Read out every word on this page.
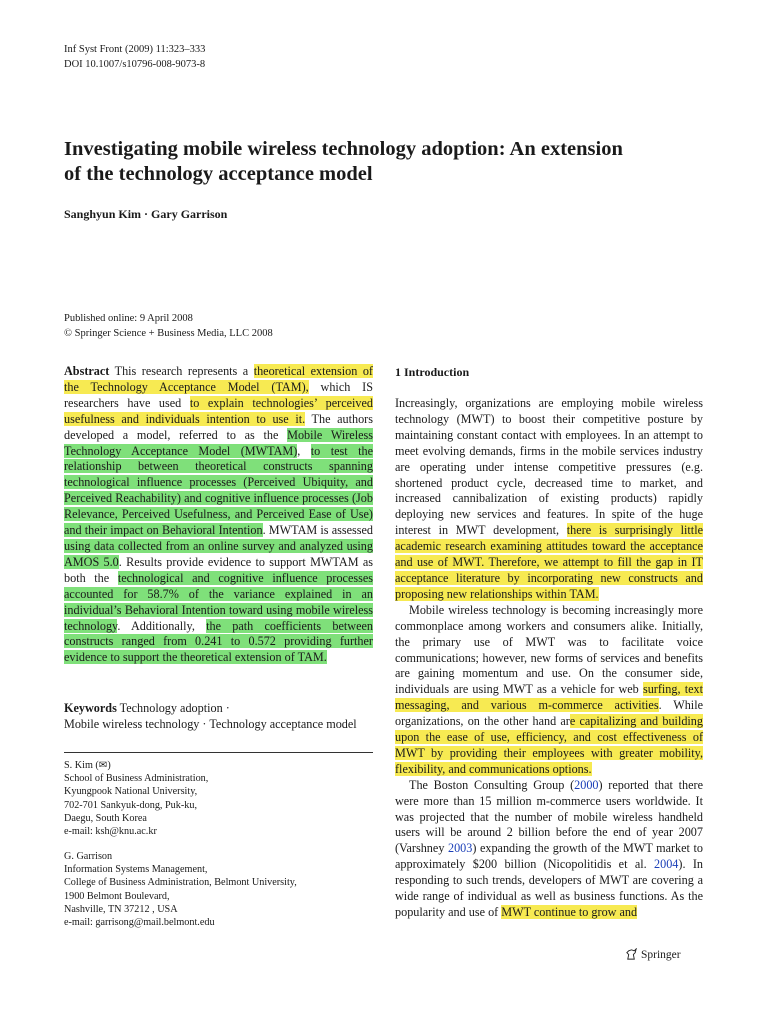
Inf Syst Front (2009) 11:323–333
DOI 10.1007/s10796-008-9073-8
Investigating mobile wireless technology adoption: An extension
of the technology acceptance model
Sanghyun Kim · Gary Garrison
Published online: 9 April 2008
© Springer Science + Business Media, LLC 2008
Abstract This research represents a theoretical extension of the Technology Acceptance Model (TAM), which IS researchers have used to explain technologies’ perceived usefulness and individuals intention to use it. The authors developed a model, referred to as the Mobile Wireless Technology Acceptance Model (MWTAM), to test the relationship between theoretical constructs spanning technological influence processes (Perceived Ubiquity, and Perceived Reachability) and cognitive influence processes (Job Relevance, Perceived Usefulness, and Perceived Ease of Use) and their impact on Behavioral Intention. MWTAM is assessed using data collected from an online survey and analyzed using AMOS 5.0. Results provide evidence to support MWTAM as both the technological and cognitive influence processes accounted for 58.7% of the variance explained in an individual’s Behavioral Intention toward using mobile wireless technology. Additionally, the path coefficients between constructs ranged from 0.241 to 0.572 providing further evidence to support the theoretical extension of TAM.
Keywords Technology adoption ·
Mobile wireless technology · Technology acceptance model
S. Kim (✉)
School of Business Administration,
Kyungpook National University,
702-701 Sankyuk-dong, Puk-ku,
Daegu, South Korea
e-mail: ksh@knu.ac.kr
G. Garrison
Information Systems Management,
College of Business Administration, Belmont University,
1900 Belmont Boulevard,
Nashville, TN 37212 , USA
e-mail: garrisong@mail.belmont.edu
1 Introduction
Increasingly, organizations are employing mobile wireless technology (MWT) to boost their competitive posture by maintaining constant contact with employees. In an attempt to meet evolving demands, firms in the mobile services industry are operating under intense competitive pressures (e.g. shortened product cycle, decreased time to market, and increased cannibalization of existing products) rapidly deploying new services and features. In spite of the huge interest in MWT development, there is surprisingly little academic research examining attitudes toward the acceptance and use of MWT. Therefore, we attempt to fill the gap in IT acceptance literature by incorporating new constructs and proposing new relationships within TAM.
Mobile wireless technology is becoming increasingly more commonplace among workers and consumers alike. Initially, the primary use of MWT was to facilitate voice communications; however, new forms of services and benefits are gaining momentum and use. On the consumer side, individuals are using MWT as a vehicle for web surfing, text messaging, and various m-commerce activities. While organizations, on the other hand are capitalizing and building upon the ease of use, efficiency, and cost effectiveness of MWT by providing their employees with greater mobility, flexibility, and communications options.
The Boston Consulting Group (2000) reported that there were more than 15 million m-commerce users worldwide. It was projected that the number of mobile wireless handheld users will be around 2 billion before the end of year 2007 (Varshney 2003) expanding the growth of the MWT market to approximately $200 billion (Nicopolitidis et al. 2004). In responding to such trends, developers of MWT are covering a wide range of individual as well as business functions. As the popularity and use of MWT continue to grow and
Springer
